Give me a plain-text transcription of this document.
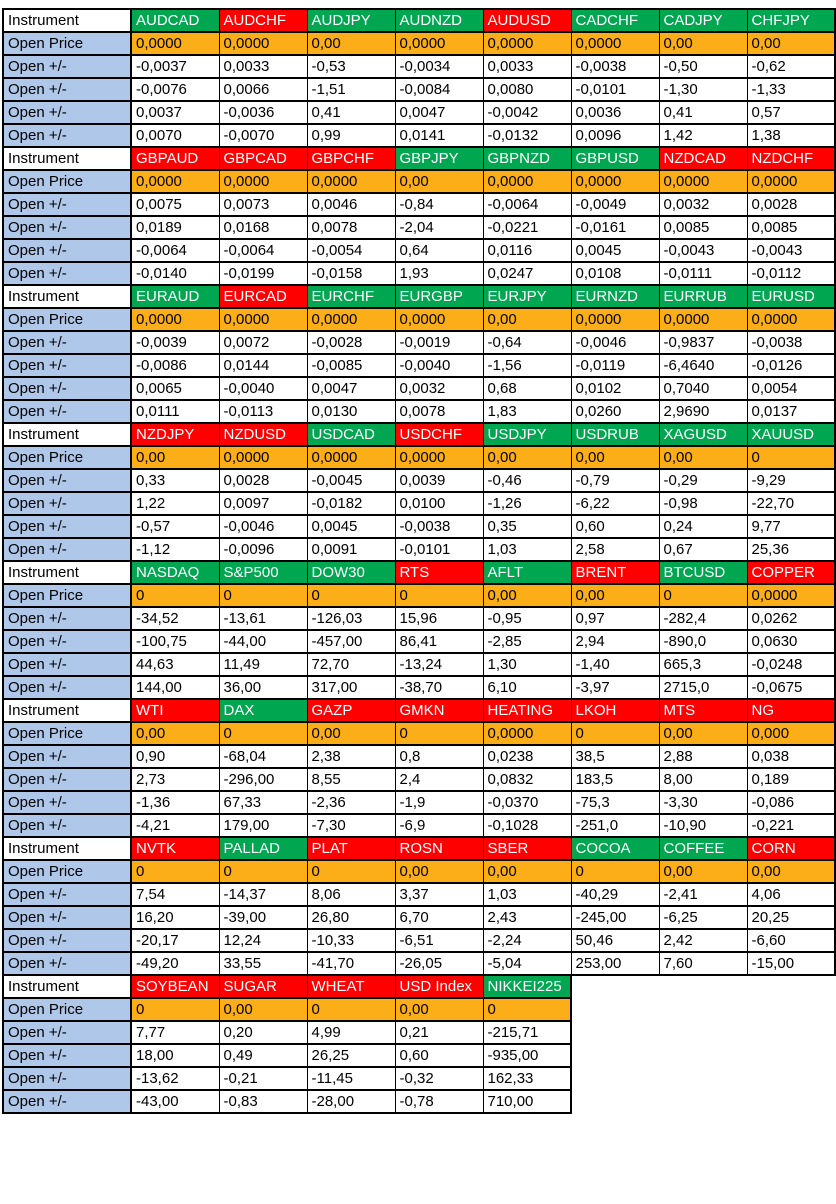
Instrument	AUDCAD	AUDCHF	AUDJPY	AUDNZD	AUDUSD	CADCHF	CADJPY	CHFJPY
Open Price	0,0000	0,0000	0,00	0,0000	0,0000	0,0000	0,00	0,00
Open +/-	-0,0037	0,0033	-0,53	-0,0034	0,0033	-0,0038	-0,50	-0,62
Open +/-	-0,0076	0,0066	-1,51	-0,0084	0,0080	-0,0101	-1,30	-1,33
Open +/-	0,0037	-0,0036	0,41	0,0047	-0,0042	0,0036	0,41	0,57
Open +/-	0,0070	-0,0070	0,99	0,0141	-0,0132	0,0096	1,42	1,38
Instrument	GBPAUD	GBPCAD	GBPCHF	GBPJPY	GBPNZD	GBPUSD	NZDCAD	NZDCHF
Open Price	0,0000	0,0000	0,0000	0,00	0,0000	0,0000	0,0000	0,0000
Open +/-	0,0075	0,0073	0,0046	-0,84	-0,0064	-0,0049	0,0032	0,0028
Open +/-	0,0189	0,0168	0,0078	-2,04	-0,0221	-0,0161	0,0085	0,0085
Open +/-	-0,0064	-0,0064	-0,0054	0,64	0,0116	0,0045	-0,0043	-0,0043
Open +/-	-0,0140	-0,0199	-0,0158	1,93	0,0247	0,0108	-0,0111	-0,0112
Instrument	EURAUD	EURCAD	EURCHF	EURGBP	EURJPY	EURNZD	EURRUB	EURUSD
Open Price	0,0000	0,0000	0,0000	0,0000	0,00	0,0000	0,0000	0,0000
Open +/-	-0,0039	0,0072	-0,0028	-0,0019	-0,64	-0,0046	-0,9837	-0,0038
Open +/-	-0,0086	0,0144	-0,0085	-0,0040	-1,56	-0,0119	-6,4640	-0,0126
Open +/-	0,0065	-0,0040	0,0047	0,0032	0,68	0,0102	0,7040	0,0054
Open +/-	0,0111	-0,0113	0,0130	0,0078	1,83	0,0260	2,9690	0,0137
Instrument	NZDJPY	NZDUSD	USDCAD	USDCHF	USDJPY	USDRUB	XAGUSD	XAUUSD
Open Price	0,00	0,0000	0,0000	0,0000	0,00	0,00	0,00	0
Open +/-	0,33	0,0028	-0,0045	0,0039	-0,46	-0,79	-0,29	-9,29
Open +/-	1,22	0,0097	-0,0182	0,0100	-1,26	-6,22	-0,98	-22,70
Open +/-	-0,57	-0,0046	0,0045	-0,0038	0,35	0,60	0,24	9,77
Open +/-	-1,12	-0,0096	0,0091	-0,0101	1,03	2,58	0,67	25,36
Instrument	NASDAQ	S&P500	DOW30	RTS	AFLT	BRENT	BTCUSD	COPPER
Open Price	0	0	0	0	0,00	0,00	0	0,0000
Open +/-	-34,52	-13,61	-126,03	15,96	-0,95	0,97	-282,4	0,0262
Open +/-	-100,75	-44,00	-457,00	86,41	-2,85	2,94	-890,0	0,0630
Open +/-	44,63	11,49	72,70	-13,24	1,30	-1,40	665,3	-0,0248
Open +/-	144,00	36,00	317,00	-38,70	6,10	-3,97	2715,0	-0,0675
Instrument	WTI	DAX	GAZP	GMKN	HEATING	LKOH	MTS	NG
Open Price	0,00	0	0,00	0	0,0000	0	0,00	0,000
Open +/-	0,90	-68,04	2,38	0,8	0,0238	38,5	2,88	0,038
Open +/-	2,73	-296,00	8,55	2,4	0,0832	183,5	8,00	0,189
Open +/-	-1,36	67,33	-2,36	-1,9	-0,0370	-75,3	-3,30	-0,086
Open +/-	-4,21	179,00	-7,30	-6,9	-0,1028	-251,0	-10,90	-0,221
Instrument	NVTK	PALLAD	PLAT	ROSN	SBER	COCOA	COFFEE	CORN
Open Price	0	0	0	0,00	0,00	0	0,00	0,00
Open +/-	7,54	-14,37	8,06	3,37	1,03	-40,29	-2,41	4,06
Open +/-	16,20	-39,00	26,80	6,70	2,43	-245,00	-6,25	20,25
Open +/-	-20,17	12,24	-10,33	-6,51	-2,24	50,46	2,42	-6,60
Open +/-	-49,20	33,55	-41,70	-26,05	-5,04	253,00	7,60	-15,00
Instrument	SOYBEAN	SUGAR	WHEAT	USD Index	NIKKEI225			
Open Price	0	0,00	0	0,00	0			
Open +/-	7,77	0,20	4,99	0,21	-215,71			
Open +/-	18,00	0,49	26,25	0,60	-935,00			
Open +/-	-13,62	-0,21	-11,45	-0,32	162,33			
Open +/-	-43,00	-0,83	-28,00	-0,78	710,00			
